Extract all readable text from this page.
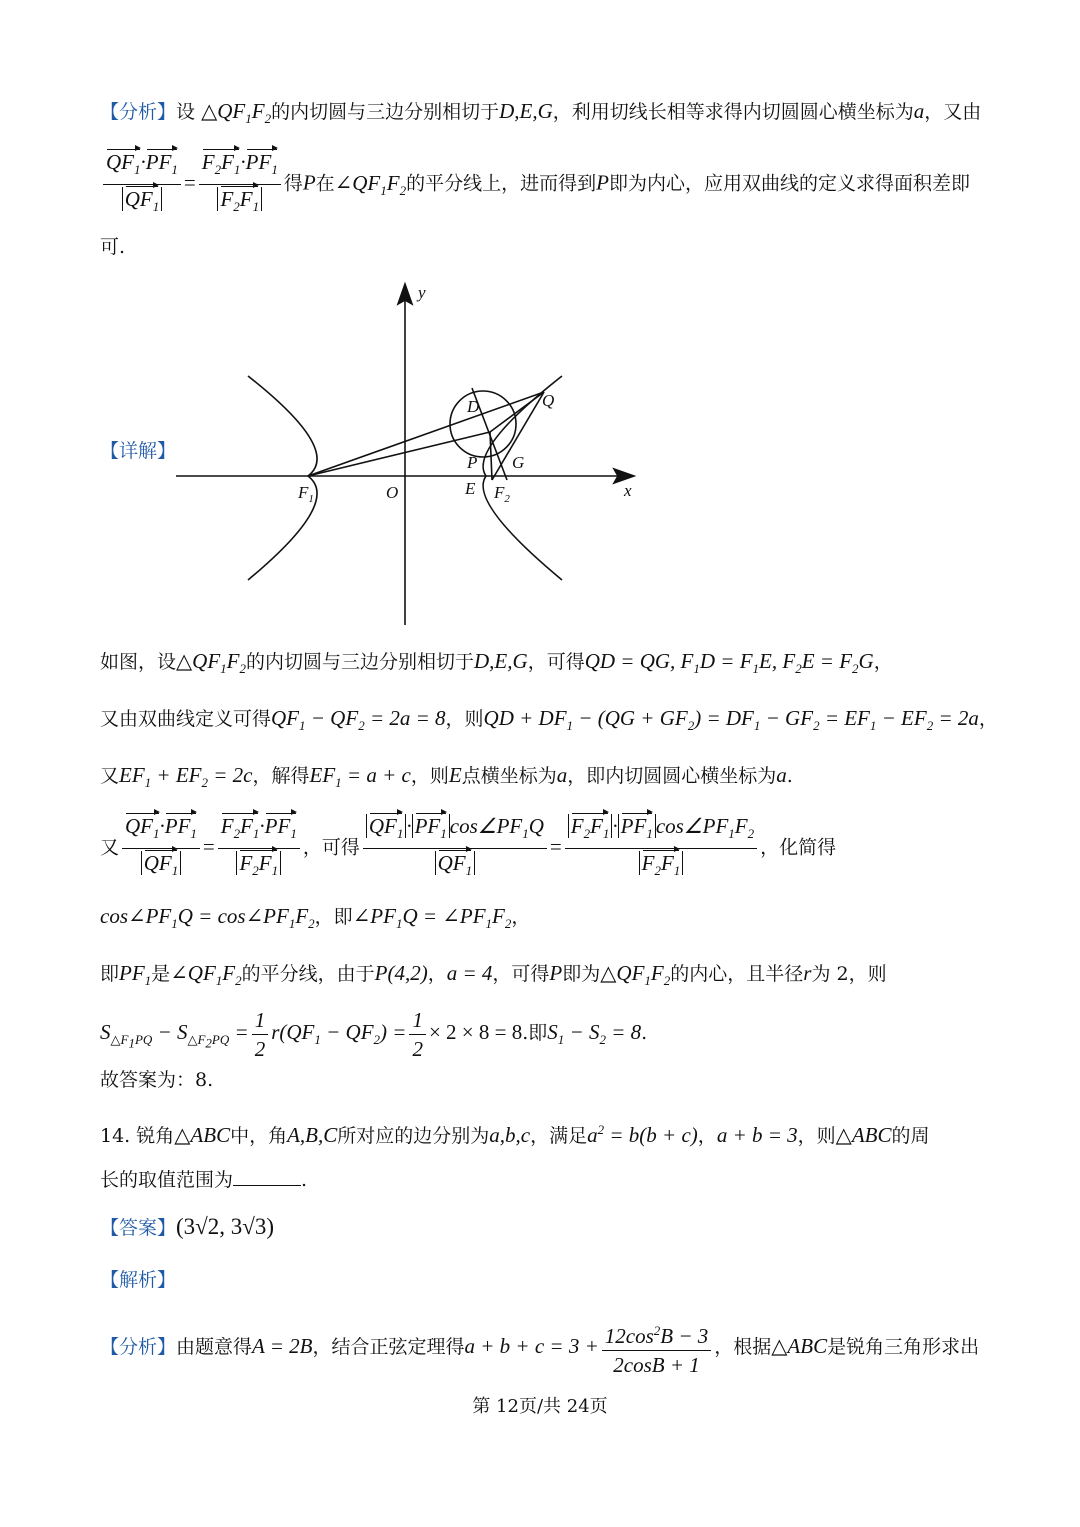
【分析】设 $\triangle QF_1F_2$的内切圆与三边分别相切于D,E,G，利用切线长相等求得内切圆圆心横坐标为a，又由
$\frac{QF_1\cdot PF_1}{QF_1} = \frac{F_2F_1\cdot PF_1}{F_2F_1}$ 得P在$\angle QF_1F_2$的平分线上，进而得到P即为内心，应用双曲线的定义求得面积差即
可.
【详解】
y
x
O
$F_1$
E $F_2$
D
P G
Q
如图，设$\triangle QF_1F_2$的内切圆与三边分别相切于D,E,G，可得QD = QG, $F_1D = F_1E$, $F_2E = F_2G$，
又由双曲线定义可得$QF_1 - QF_2 = 2a = 8$，则QD + $DF_1 - (QG + GF_2) = DF_1 - GF_2 = EF_1 - EF_2 = 2a$，
又$EF_1 + EF_2 = 2c$，解得$EF_1 = a + c$，则E点横坐标为a，即内切圆圆心横坐标为a.
又 $\frac{QF_1\cdot PF_1}{QF_1} = \frac{F_2F_1\cdot PF_1}{F_2F_1}$ ，可得 $\frac{QF_1 \cdot PF_1 \cos\angle PF_1Q}{QF_1} = \frac{F_2F_1 \cdot PF_1 \cos\angle PF_1F_2}{F_2F_1}$ ，化简得
$\cos\angle PF_1Q$ = $\cos\angle PF_1F_2$，即$\angle PF_1Q$ = $\angle PF_1F_2$，
即$PF_1$是$\angle QF_1F_2$的平分线，由于P(4,2)，a = 4，可得P即为$\triangle QF_1F_2$的内心，且半径r为 2，则
$S_{\triangle F_1PQ} - S_{\triangle F_2PQ} = \frac{1}{2} r(QF_1 - QF_2) = \frac{1}{2} \times 2 \times 8 = 8$.即$S_1 - S_2 = 8$.
故答案为：8.
14. 锐角△ABC中，角A,B,C所对应的边分别为a,b,c，满足$a^2 = b(b + c)$，a + b = 3，则△ABC的周
长的取值范围为	.
【答案】(3√2, 3√3)
【解析】
【分析】由题意得A = 2B，结合正弦定理得$a + b + c = 3 + \frac{12\cos^2B - 3}{2\cos B + 1}$ ，根据△ABC是锐角三角形求出
第 12页/共 24页
